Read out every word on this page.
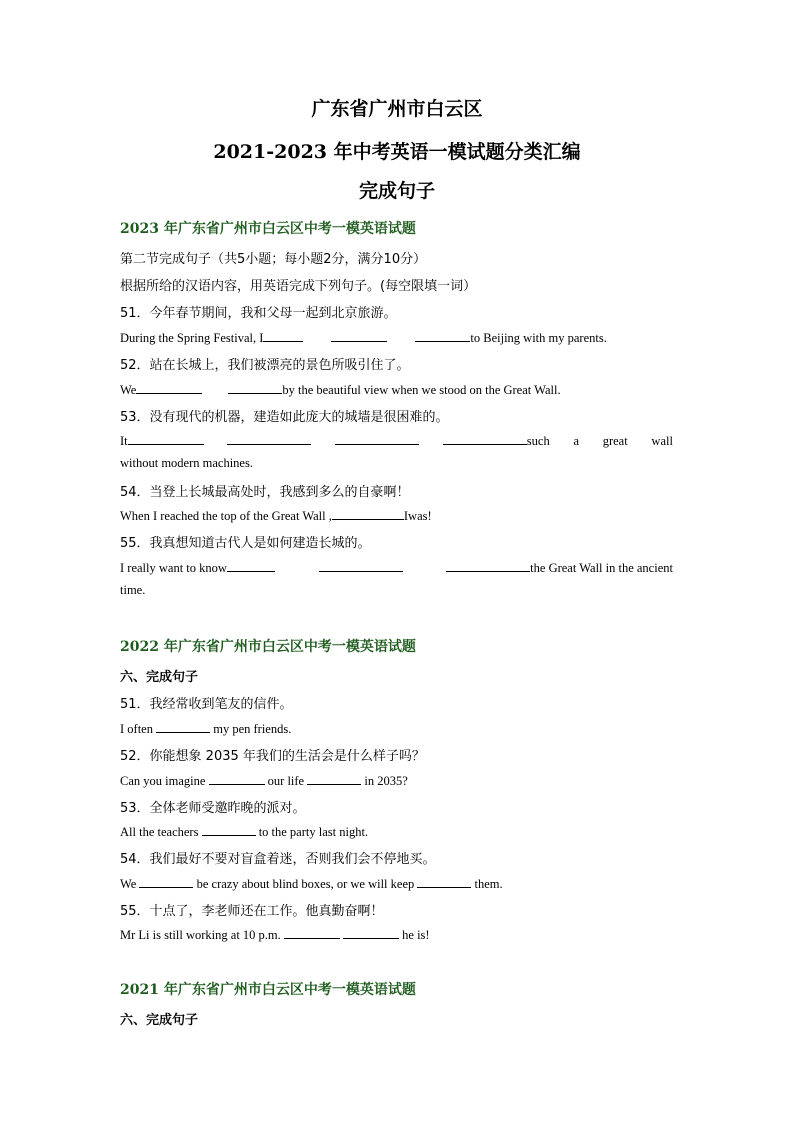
广东省广州市白云区
2021-2023 年中考英语一模试题分类汇编
完成句子
2023 年广东省广州市白云区中考一模英语试题
第二节完成句子（共5小题；每小题2分，满分10分）
根据所给的汉语内容，用英语完成下列句子。(每空限填一词）
51．今年春节期间，我和父母一起到北京旅游。
During the Spring Festival, I	to Beijing with my parents.
52．站在长城上，我们被漂亮的景色所吸引住了。
We	by the beautiful view when we stood on the Great Wall.
53．没有现代的机器，建造如此庞大的城墙是很困难的。
It	such a great wall
without modern machines.
54．当登上长城最高处时，我感到多么的自豪啊！
When I reached the top of the Great Wall ,	Iwas!
55．我真想知道古代人是如何建造长城的。
I really want to know	the Great Wall in the ancient
time.
2022 年广东省广州市白云区中考一模英语试题
六、完成句子
51．我经常收到笔友的信件。
I often	my pen friends.
52．你能想象 2035 年我们的生活会是什么样子吗？
Can you imagine	our life	in 2035?
53．全体老师受邀昨晚的派对。
All the teachers	to the party last night.
54．我们最好不要对盲盒着迷，否则我们会不停地买。
We	be crazy about blind boxes, or we will keep	them.
55．十点了，李老师还在工作。他真勤奋啊！
Mr Li is still working at 10 p.m.	he is!
2021 年广东省广州市白云区中考一模英语试题
六、完成句子
